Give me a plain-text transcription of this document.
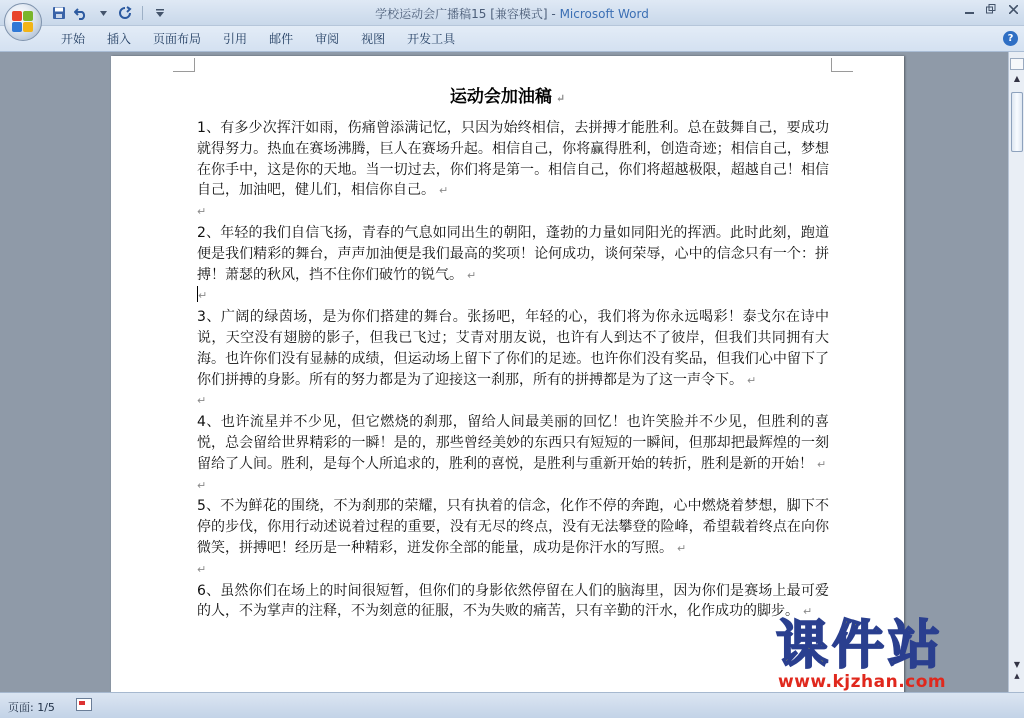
学校运动会广播稿15 [兼容模式] - Microsoft Word
开始	插入	页面布局	引用	邮件	审阅	视图	开发工具	?
运动会加油稿 ↵

1、有多少次挥汗如雨，伤痛曾添满记忆，只因为始终相信，去拼搏才能胜利。总在鼓舞自己，要成功就得努力。热血在赛场沸腾，巨人在赛场升起。相信自己，你将赢得胜利，创造奇迹；相信自己，梦想在你手中，这是你的天地。当一切过去，你们将是第一。相信自己，你们将超越极限，超越自己！相信自己，加油吧，健儿们，相信你自己。 ↵

↵

2、年轻的我们自信飞扬，青春的气息如同出生的朝阳，蓬勃的力量如同阳光的挥洒。此时此刻，跑道便是我们精彩的舞台，声声加油便是我们最高的奖项！论何成功，谈何荣辱，心中的信念只有一个：拼搏！萧瑟的秋风，挡不住你们破竹的锐气。 ↵

↵

3、广阔的绿茵场，是为你们搭建的舞台。张扬吧，年轻的心，我们将为你永远喝彩！泰戈尔在诗中说，天空没有翅膀的影子，但我已飞过；艾青对朋友说，也许有人到达不了彼岸，但我们共同拥有大海。也许你们没有显赫的成绩，但运动场上留下了你们的足迹。也许你们没有奖品，但我们心中留下了你们拼搏的身影。所有的努力都是为了迎接这一刹那，所有的拼搏都是为了这一声令下。 ↵

↵

4、也许流星并不少见，但它燃烧的刹那，留给人间最美丽的回忆！也许笑脸并不少见，但胜利的喜悦，总会留给世界精彩的一瞬！是的，那些曾经美妙的东西只有短短的一瞬间，但那却把最辉煌的一刻留给了人间。胜利，是每个人所追求的，胜利的喜悦，是胜利与重新开始的转折，胜利是新的开始！ ↵

↵

5、不为鲜花的围绕，不为刹那的荣耀，只有执着的信念，化作不停的奔跑，心中燃烧着梦想，脚下不停的步伐，你用行动述说着过程的重要，没有无尽的终点，没有无法攀登的险峰，希望载着终点在向你微笑，拼搏吧！经历是一种精彩，迸发你全部的能量，成功是你汗水的写照。 ↵

↵

6、虽然你们在场上的时间很短暂，但你们的身影依然停留在人们的脑海里，因为你们是赛场上最可爱的人，不为掌声的注释，不为刻意的征服，不为失败的痛苦，只有辛勤的汗水，化作成功的脚步。 ↵

▲
▼
▲
页面: 1/5
课件站
www.kjzhan.com
